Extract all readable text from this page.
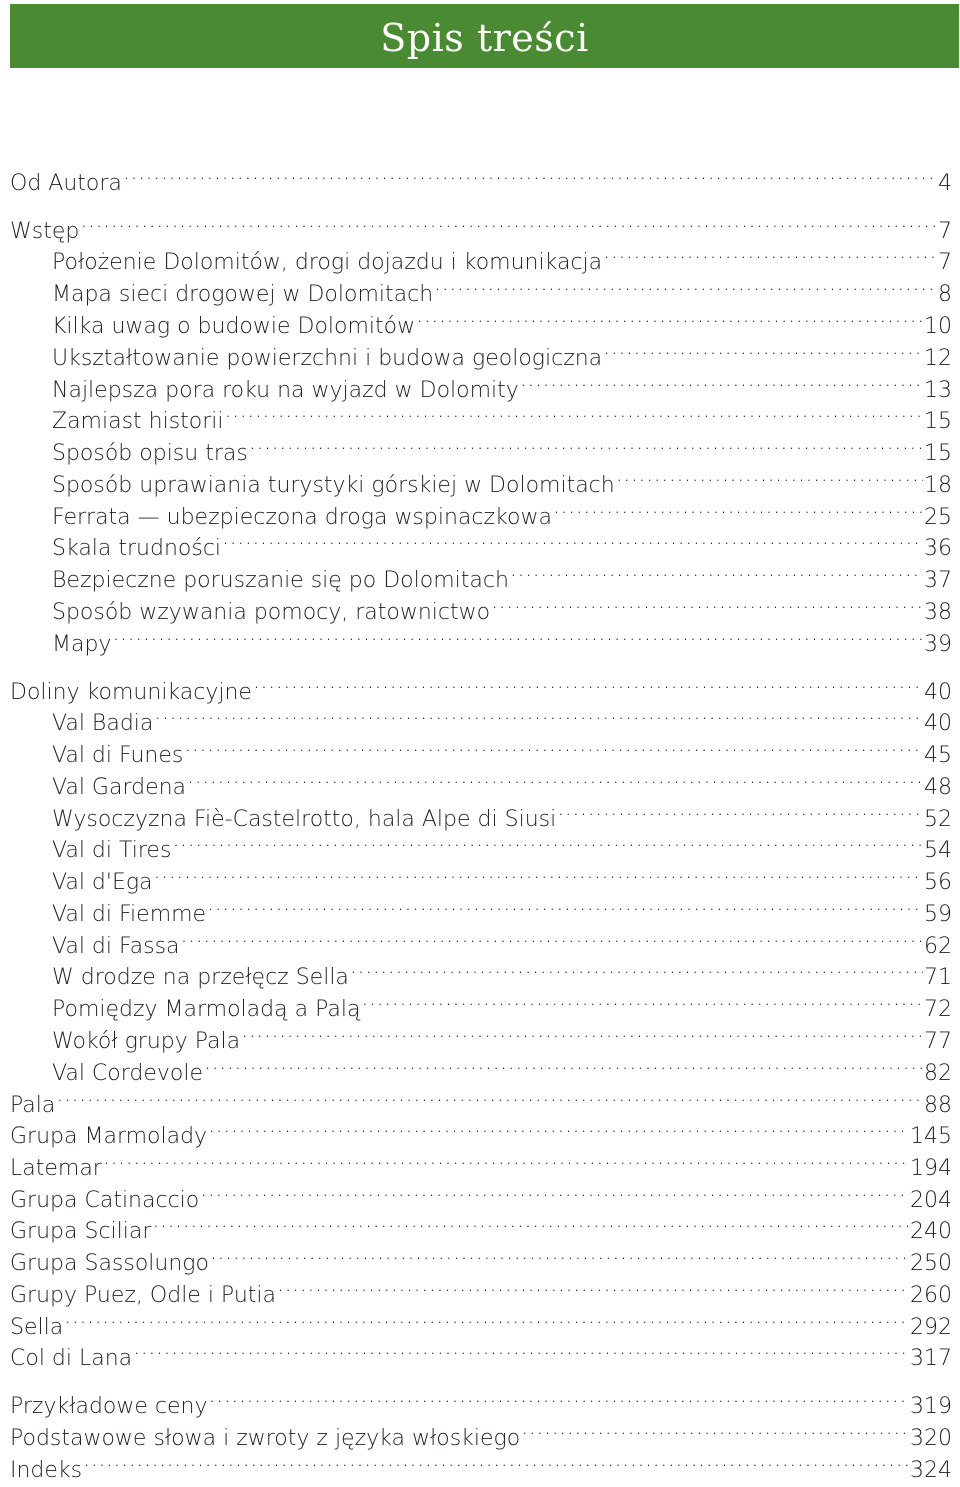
Spis treści
Od Autora .....	4
Wstęp .....	7
Położenie Dolomitów, drogi dojazdu i komunikacja .....	7
Mapa sieci drogowej w Dolomitach .....	8
Kilka uwag o budowie Dolomitów .....	10
Ukształtowanie powierzchni i budowa geologiczna .....	12
Najlepsza pora roku na wyjazd w Dolomity .....	13
Zamiast historii .....	15
Sposób opisu tras .....	15
Sposób uprawiania turystyki górskiej w Dolomitach .....	18
Ferrata — ubezpieczona droga wspinaczkowa .....	25
Skala trudności .....	36
Bezpieczne poruszanie się po Dolomitach .....	37
Sposób wzywania pomocy, ratownictwo .....	38
Mapy .....	39
Doliny komunikacyjne .....	40
Val Badia .....	40
Val di Funes .....	45
Val Gardena .....	48
Wysoczyzna Fiè-Castelrotto, hala Alpe di Siusi .....	52
Val di Tires .....	54
Val d'Ega .....	56
Val di Fiemme .....	59
Val di Fassa .....	62
W drodze na przełęcz Sella .....	71
Pomiędzy Marmoladą a Palą .....	72
Wokół grupy Pala .....	77
Val Cordevole .....	82
Pala .....	88
Grupa Marmolady .....	145
Latemar .....	194
Grupa Catinaccio .....	204
Grupa Sciliar .....	240
Grupa Sassolungo .....	250
Grupy Puez, Odle i Putia .....	260
Sella .....	292
Col di Lana .....	317
Przykładowe ceny .....	319
Podstawowe słowa i zwroty z języka włoskiego .....	320
Indeks .....	324
